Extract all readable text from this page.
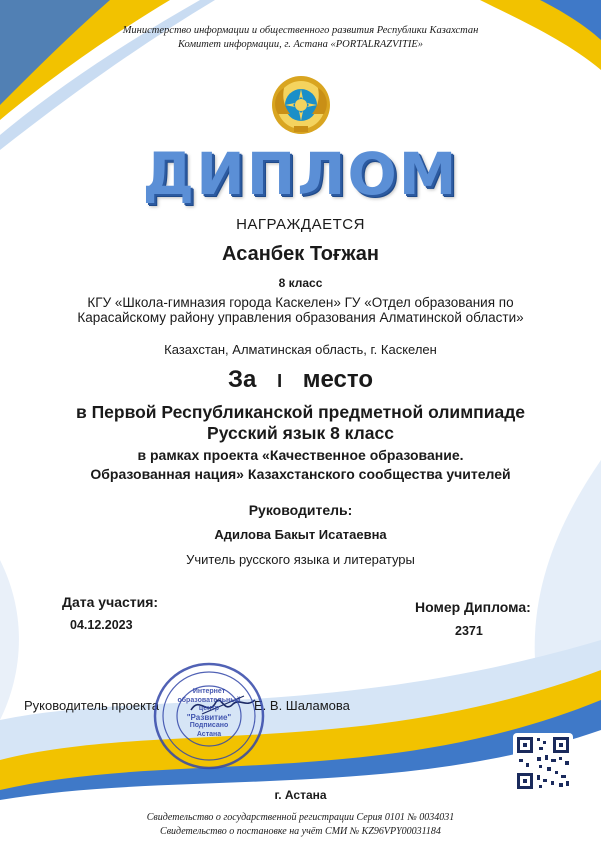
Министерство информации и общественного развития Республики Казахстан
Комитет информации, г. Астана «PORTALRAZVITIE»
ДИПЛОМ
НАГРАЖДАЕТСЯ
Асанбек Тоғжан
8 класс
КГУ «Школа-гимназия города Каскелен» ГУ «Отдел образования по Карасайскому району управления образования Алматинской области»
Казахстан, Алматинская область, г. Каскелен
За I место
в Первой Республиканской предметной олимпиаде
Русский язык 8 класс
в рамках проекта «Качественное образование.
Образованная нация» Казахстанского сообщества учителей
Руководитель:
Адилова Бакыт Исатаевна
Учитель русского языка и литературы
Дата участия:
04.12.2023
Номер Диплома:
2371
Руководитель проекта	Е. В. Шаламова
Интернет
образовательный центр
"Развитие"
Подписано
Астана
г. Астана
Свидетельство о государственной регистрации Серия 0101 № 0034031
Свидетельство о постановке на учёт СМИ № KZ96VPY00031184
